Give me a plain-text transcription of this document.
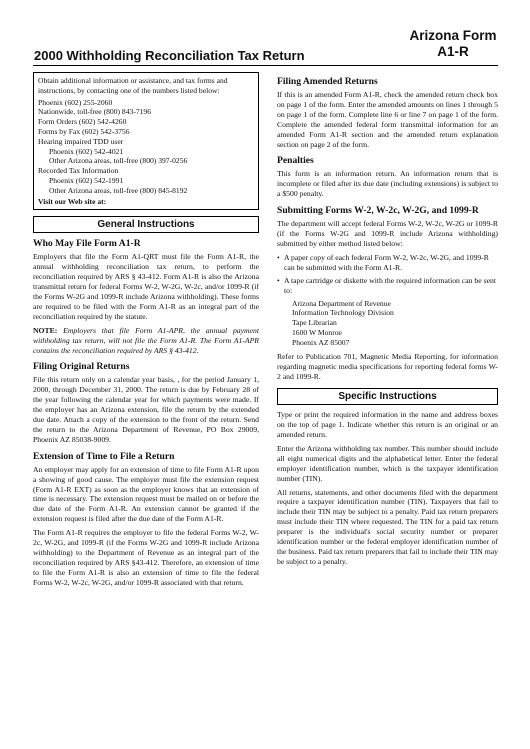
Arizona Form
A1-R
2000 Withholding Reconciliation Tax Return
Obtain additional information or assistance, and tax forms and instructions, by contacting one of the numbers listed below:
Phoenix (602) 255-2060
Nationwide, toll-free (800) 843-7196
Form Orders (602) 542-4260
Forms by Fax (602) 542-3756
Hearing impaired TDD user
Phoenix (602) 542-4021
Other Arizona areas, toll-free (800) 397-0256
Recorded Tax Information
Phoenix (602) 542-1991
Other Arizona areas, toll-free (800) 845-8192
Visit our Web site at:
General Instructions
Who May File Form A1-R

Employers that file the Form A1-QRT must file the Form A1-R, the annual withholding reconciliation tax return, to perform the reconciliation required by ARS § 43-412. Form A1-R is also the Arizona transmittal return for federal Forms W-2, W-2G, W-2c, and/or 1099-R (if the Forms W-2G and 1099-R include Arizona withholding). These forms are required to be filed with the Form A1-R as an integral part of the reconciliation required by the statute.

NOTE: Employers that file Form A1-APR, the annual payment withholding tax return, will not file the Form A1-R. The Form A1-APR contains the reconciliation required by ARS § 43-412.

Filing Original Returns

File this return only on a calendar year basis, , for the period January 1, 2000, through December 31, 2000. The return is due by February 28 of the year following the calendar year for which payments were made. If the employer has an Arizona extension, file the return by the extended due date. Attach a copy of the extension to the front of the return. Send the return to the Arizona Department of Revenue, PO Box 29009, Phoenix AZ 85038-9009.

Extension of Time to File a Return

An employer may apply for an extension of time to file Form A1-R upon a showing of good cause. The employer must file the extension request (Form A1-R EXT) as soon as the employer knows that an extension of time is necessary. The extension request must be mailed on or before the due date of the Form A1-R. An extension cannot be granted if the extension request is filed after the due date of the Form A1-R.

The Form A1-R requires the employer to file the federal Forms W-2, W-2c, W-2G, and 1099-R (if the Forms W-2G and 1099-R include Arizona withholding) to the Department of Revenue as an integral part of the reconciliation required by ARS §43-412. Therefore, an extension of time to file the Form A1-R is also an extension of time to file the federal Forms W-2, W-2c, W-2G, and/or 1099-R associated with that return.

Filing Amended Returns

If this is an amended Form A1-R, check the amended return check box on page 1 of the form. Enter the amended amounts on lines 1 through 5 on page 1 of the form. Complete line 6 or line 7 on page 1 of the form. Complete the amended federal form transmittal information for an amended Form A1-R section and the amended return explanation section on page 2 of the form.

Penalties

This form is an information return. An information return that is incomplete or filed after its due date (including extensions) is subject to a $500 penalty.

Submitting Forms W-2, W-2c, W-2G, and 1099-R

The department will accept federal Forms W-2, W-2c, W-2G or 1099-R (if the Forms W-2G and 1099-R include Arizona withholding) submitted by either method listed below:

• A paper copy of each federal Form W-2, W-2c, W-2G, and 1099-R can be submitted with the Form A1-R.
• A tape cartridge or diskette with the required information can be sent to:
Arizona Department of Revenue
Information Technology Division
Tape Librarian
1600 W Monroe
Phoenix AZ 85007

Refer to Publication 701, Magnetic Media Reporting, for information regarding magnetic media specifications for reporting federal forms W-2 and 1099-R.

Specific Instructions

Type or print the required information in the name and address boxes on the top of page 1. Indicate whether this return is an original or an amended return.

Enter the Arizona withholding tax number. This number should include all eight numerical digits and the alphabetical letter. Enter the federal employer identification number, which is the taxpayer identification number (TIN).

All returns, statements, and other documents filed with the department require a taxpayer identification number (TIN). Taxpayers that fail to include their TIN may be subject to a penalty. Paid tax return preparers must include their TIN where requested. The TIN for a paid tax return preparer is the individual's social security number or preparer identification number or the federal employer identification number of the business. Paid tax return preparers that fail to include their TIN may be subject to a penalty.
